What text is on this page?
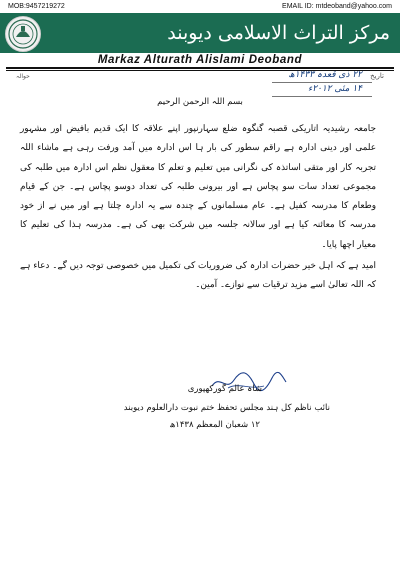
MOB:9457219272	EMAIL ID: mtdeoband@yahoo.com
مرکز التراث الاسلامی دیوبند
Markaz Alturath Alislami Deoband
حوالہ	تاریخ
۲۲ ذی قعدہ ۱۴۳۳ھ
۱۴ مئی ۲۰۱۲ء
بسم اللہ الرحمن الرحیم

جامعہ رشیدیہ اتاریکی قصبہ گنگوہ ضلع سہارنپور اپنے علاقہ کا ایک قدیم بافیض اور مشہور علمی اور دینی ادارہ ہے راقم سطور کی بار ہا اس ادارہ میں آمد ورفت رہی ہے ماشاء اللہ تجربہ کار اور متقی اساتذہ کی نگرانی میں تعلیم و تعلم کا معقول نظم اس ادارہ میں طلبہ کی مجموعی تعداد سات سو پچاس ہے اور بیرونی طلبہ کی تعداد دوسو پچاس ہے۔ جن کے قیام وطعام کا مدرسہ کفیل ہے۔ عام مسلمانوں کے چندہ سے یہ ادارہ چلتا ہے اور میں نے از خود مدرسہ کا معائنہ کیا ہے اور سالانہ جلسہ میں شرکت بھی کی ہے۔ مدرسہ ہذا کی تعلیم کا معیار اچھا پایا۔

امید ہے کہ اہل خیر حضرات ادارہ کی ضروریات کی تکمیل میں خصوصی توجہ دیں گے۔ دعاء ہے کہ اللہ تعالیٰ اسے مزید ترقیات سے نوازے۔ آمین۔

شاہ عالم گورکھپوری
نائب ناظم کل ہند مجلس تحفظ ختم نبوت دارالعلوم دیوبند
۱۲ شعبان المعظم ۱۴۳۸ھ
